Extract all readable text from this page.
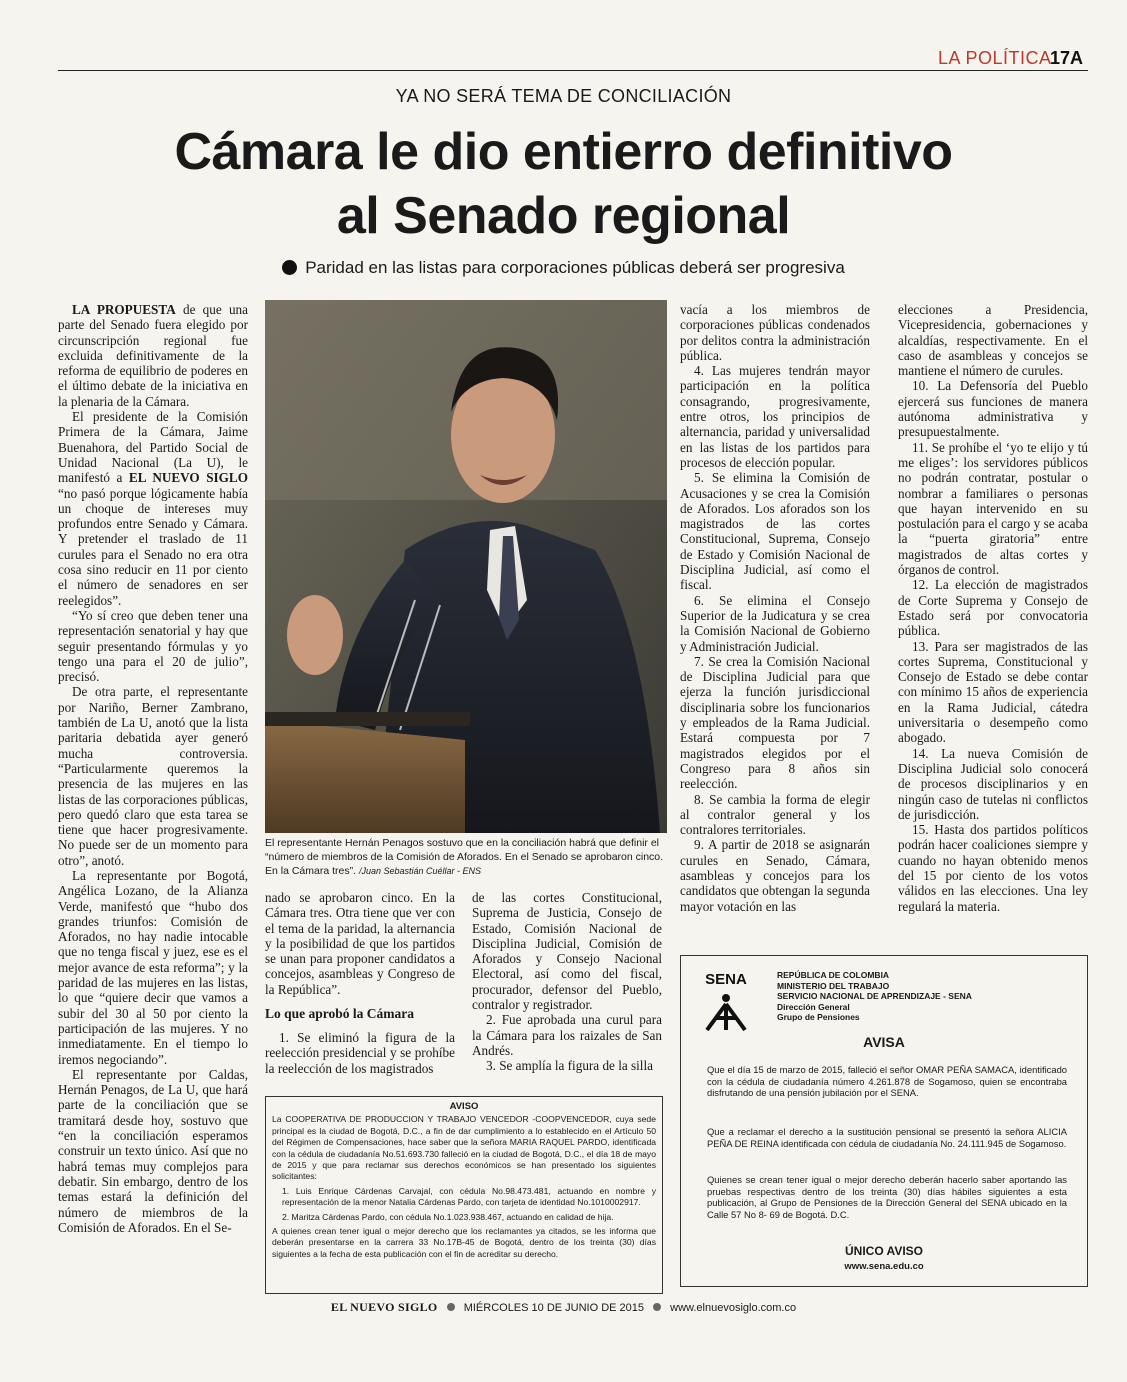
LA POLÍTICA
17A
YA NO SERÁ TEMA DE CONCILIACIÓN
Cámara le dio entierro definitivo
al Senado regional
Paridad en las listas para corporaciones públicas deberá ser progresiva

LA PROPUESTA de que una parte del Senado fuera elegido por circunscripción regional fue excluida definitivamente de la reforma de equilibrio de poderes en el último debate de la iniciativa en la plenaria de la Cámara.

El presidente de la Comisión Primera de la Cámara, Jaime Buenahora, del Partido Social de Unidad Nacional (La U), le manifestó a EL NUEVO SIGLO “no pasó porque lógicamente había un choque de intereses muy profundos entre Senado y Cámara. Y pretender el traslado de 11 curules para el Senado no era otra cosa sino reducir en 11 por ciento el número de senadores en ser reelegidos”.

“Yo sí creo que deben tener una representación senatorial y hay que seguir presentando fórmulas y yo tengo una para el 20 de julio”, precisó.

De otra parte, el representante por Nariño, Berner Zambrano, también de La U, anotó que la lista paritaria debatida ayer generó mucha controversia. “Particularmente queremos la presencia de las mujeres en las listas de las corporaciones públicas, pero quedó claro que esta tarea se tiene que hacer progresivamente. No puede ser de un momento para otro”, anotó.

La representante por Bogotá, Angélica Lozano, de la Alianza Verde, manifestó que “hubo dos grandes triunfos: Comisión de Aforados, no hay nadie intocable que no tenga fiscal y juez, ese es el mejor avance de esta reforma”; y la paridad de las mujeres en las listas, lo que “quiere decir que vamos a subir del 30 al 50 por ciento la participación de las mujeres. Y no inmediatamente. En el tiempo lo iremos negociando”.

El representante por Caldas, Hernán Penagos, de La U, que hará parte de la conciliación que se tramitará desde hoy, sostuvo que “en la conciliación esperamos construir un texto único. Así que no habrá temas muy complejos para debatir. Sin embargo, dentro de los temas estará la definición del número de miembros de la Comisión de Aforados. En el Se-

El representante Hernán Penagos sostuvo que en la conciliación habrá que definir el “número de miembros de la Comisión de Aforados. En el Senado se aprobaron cinco. En la Cámara tres”. /Juan Sebastián Cuéllar - ENS

nado se aprobaron cinco. En la Cámara tres. Otra tiene que ver con el tema de la paridad, la alternancia y la posibilidad de que los partidos se unan para proponer candidatos a concejos, asambleas y Congreso de la República”.

Lo que aprobó la Cámara

1. Se eliminó la figura de la reelección presidencial y se prohíbe la reelección de los magistrados

de las cortes Constitucional, Suprema de Justicia, Consejo de Estado, Comisión Nacional de Disciplina Judicial, Comisión de Aforados y Consejo Nacional Electoral, así como del fiscal, procurador, defensor del Pueblo, contralor y registrador.

2. Fue aprobada una curul para la Cámara para los raizales de San Andrés.

3. Se amplía la figura de la silla

vacía a los miembros de corporaciones públicas condenados por delitos contra la administración pública.

4. Las mujeres tendrán mayor participación en la política consagrando, progresivamente, entre otros, los principios de alternancia, paridad y universalidad en las listas de los partidos para procesos de elección popular.

5. Se elimina la Comisión de Acusaciones y se crea la Comisión de Aforados. Los aforados son los magistrados de las cortes Constitucional, Suprema, Consejo de Estado y Comisión Nacional de Disciplina Judicial, así como el fiscal.

6. Se elimina el Consejo Superior de la Judicatura y se crea la Comisión Nacional de Gobierno y Administración Judicial.

7. Se crea la Comisión Nacional de Disciplina Judicial para que ejerza la función jurisdiccional disciplinaria sobre los funcionarios y empleados de la Rama Judicial. Estará compuesta por 7 magistrados elegidos por el Congreso para 8 años sin reelección.

8. Se cambia la forma de elegir al contralor general y los contralores territoriales.

9. A partir de 2018 se asignarán curules en Senado, Cámara, asambleas y concejos para los candidatos que obtengan la segunda mayor votación en las

elecciones a Presidencia, Vicepresidencia, gobernaciones y alcaldías, respectivamente. En el caso de asambleas y concejos se mantiene el número de curules.

10. La Defensoría del Pueblo ejercerá sus funciones de manera autónoma administrativa y presupuestalmente.

11. Se prohíbe el ‘yo te elijo y tú me eliges’: los servidores públicos no podrán contratar, postular o nombrar a familiares o personas que hayan intervenido en su postulación para el cargo y se acaba la “puerta giratoria” entre magistrados de altas cortes y órganos de control.

12. La elección de magistrados de Corte Suprema y Consejo de Estado será por convocatoria pública.

13. Para ser magistrados de las cortes Suprema, Constitucional y Consejo de Estado se debe contar con mínimo 15 años de experiencia en la Rama Judicial, cátedra universitaria o desempeño como abogado.

14. La nueva Comisión de Disciplina Judicial solo conocerá de procesos disciplinarios y en ningún caso de tutelas ni conflictos de jurisdicción.

15. Hasta dos partidos políticos podrán hacer coaliciones siempre y cuando no hayan obtenido menos del 15 por ciento de los votos válidos en las elecciones. Una ley regulará la materia.

AVISO

La COOPERATIVA DE PRODUCCION Y TRABAJO VENCEDOR -COOPVENCEDOR, cuya sede principal es la ciudad de Bogotá, D.C., a fin de dar cumplimiento a lo establecido en el Artículo 50 del Régimen de Compensaciones, hace saber que la señora MARIA RAQUEL PARDO, identificada con la cédula de ciudadanía No.51.693.730 falleció en la ciudad de Bogotá, D.C., el día 18 de mayo de 2015 y que para reclamar sus derechos económicos se han presentado los siguientes solicitantes:

1. Luis Enrique Cárdenas Carvajal, con cédula No.98.473.481, actuando en nombre y representación de la menor Natalia Cárdenas Pardo, con tarjeta de identidad No.1010002917.

2. Maritza Cárdenas Pardo, con cédula No.1.023.938.467, actuando en calidad de hija.

A quienes crean tener igual o mejor derecho que los reclamantes ya citados, se les informa que deberán presentarse en la carrera 33 No.17B-45 de Bogotá, dentro de los treinta (30) días siguientes a la fecha de esta publicación con el fin de acreditar su derecho.

SENA	REPÚBLICA DE COLOMBIA
MINISTERIO DEL TRABAJO
SERVICIO NACIONAL DE APRENDIZAJE - SENA
Dirección General
Grupo de Pensiones
AVISA
Que el día 15 de marzo de 2015, falleció el señor OMAR PEÑA SAMACA, identificado con la cédula de ciudadanía número 4.261.878 de Sogamoso, quien se encontraba disfrutando de una pensión jubilación por el SENA.
Que a reclamar el derecho a la sustitución pensional se presentó la señora ALICIA PEÑA DE REINA identificada con cédula de ciudadanía No. 24.111.945 de Sogamoso.
Quienes se crean tener igual o mejor derecho deberán hacerlo saber aportando las pruebas respectivas dentro de los treinta (30) días hábiles siguientes a esta publicación, al Grupo de Pensiones de la Dirección General del SENA ubicado en la Calle 57 No 8- 69 de Bogotá. D.C.
ÚNICO AVISO
www.sena.edu.co
EL NUEVO SIGLO MIÉRCOLES 10 DE JUNIO DE 2015 www.elnuevosiglo.com.co
